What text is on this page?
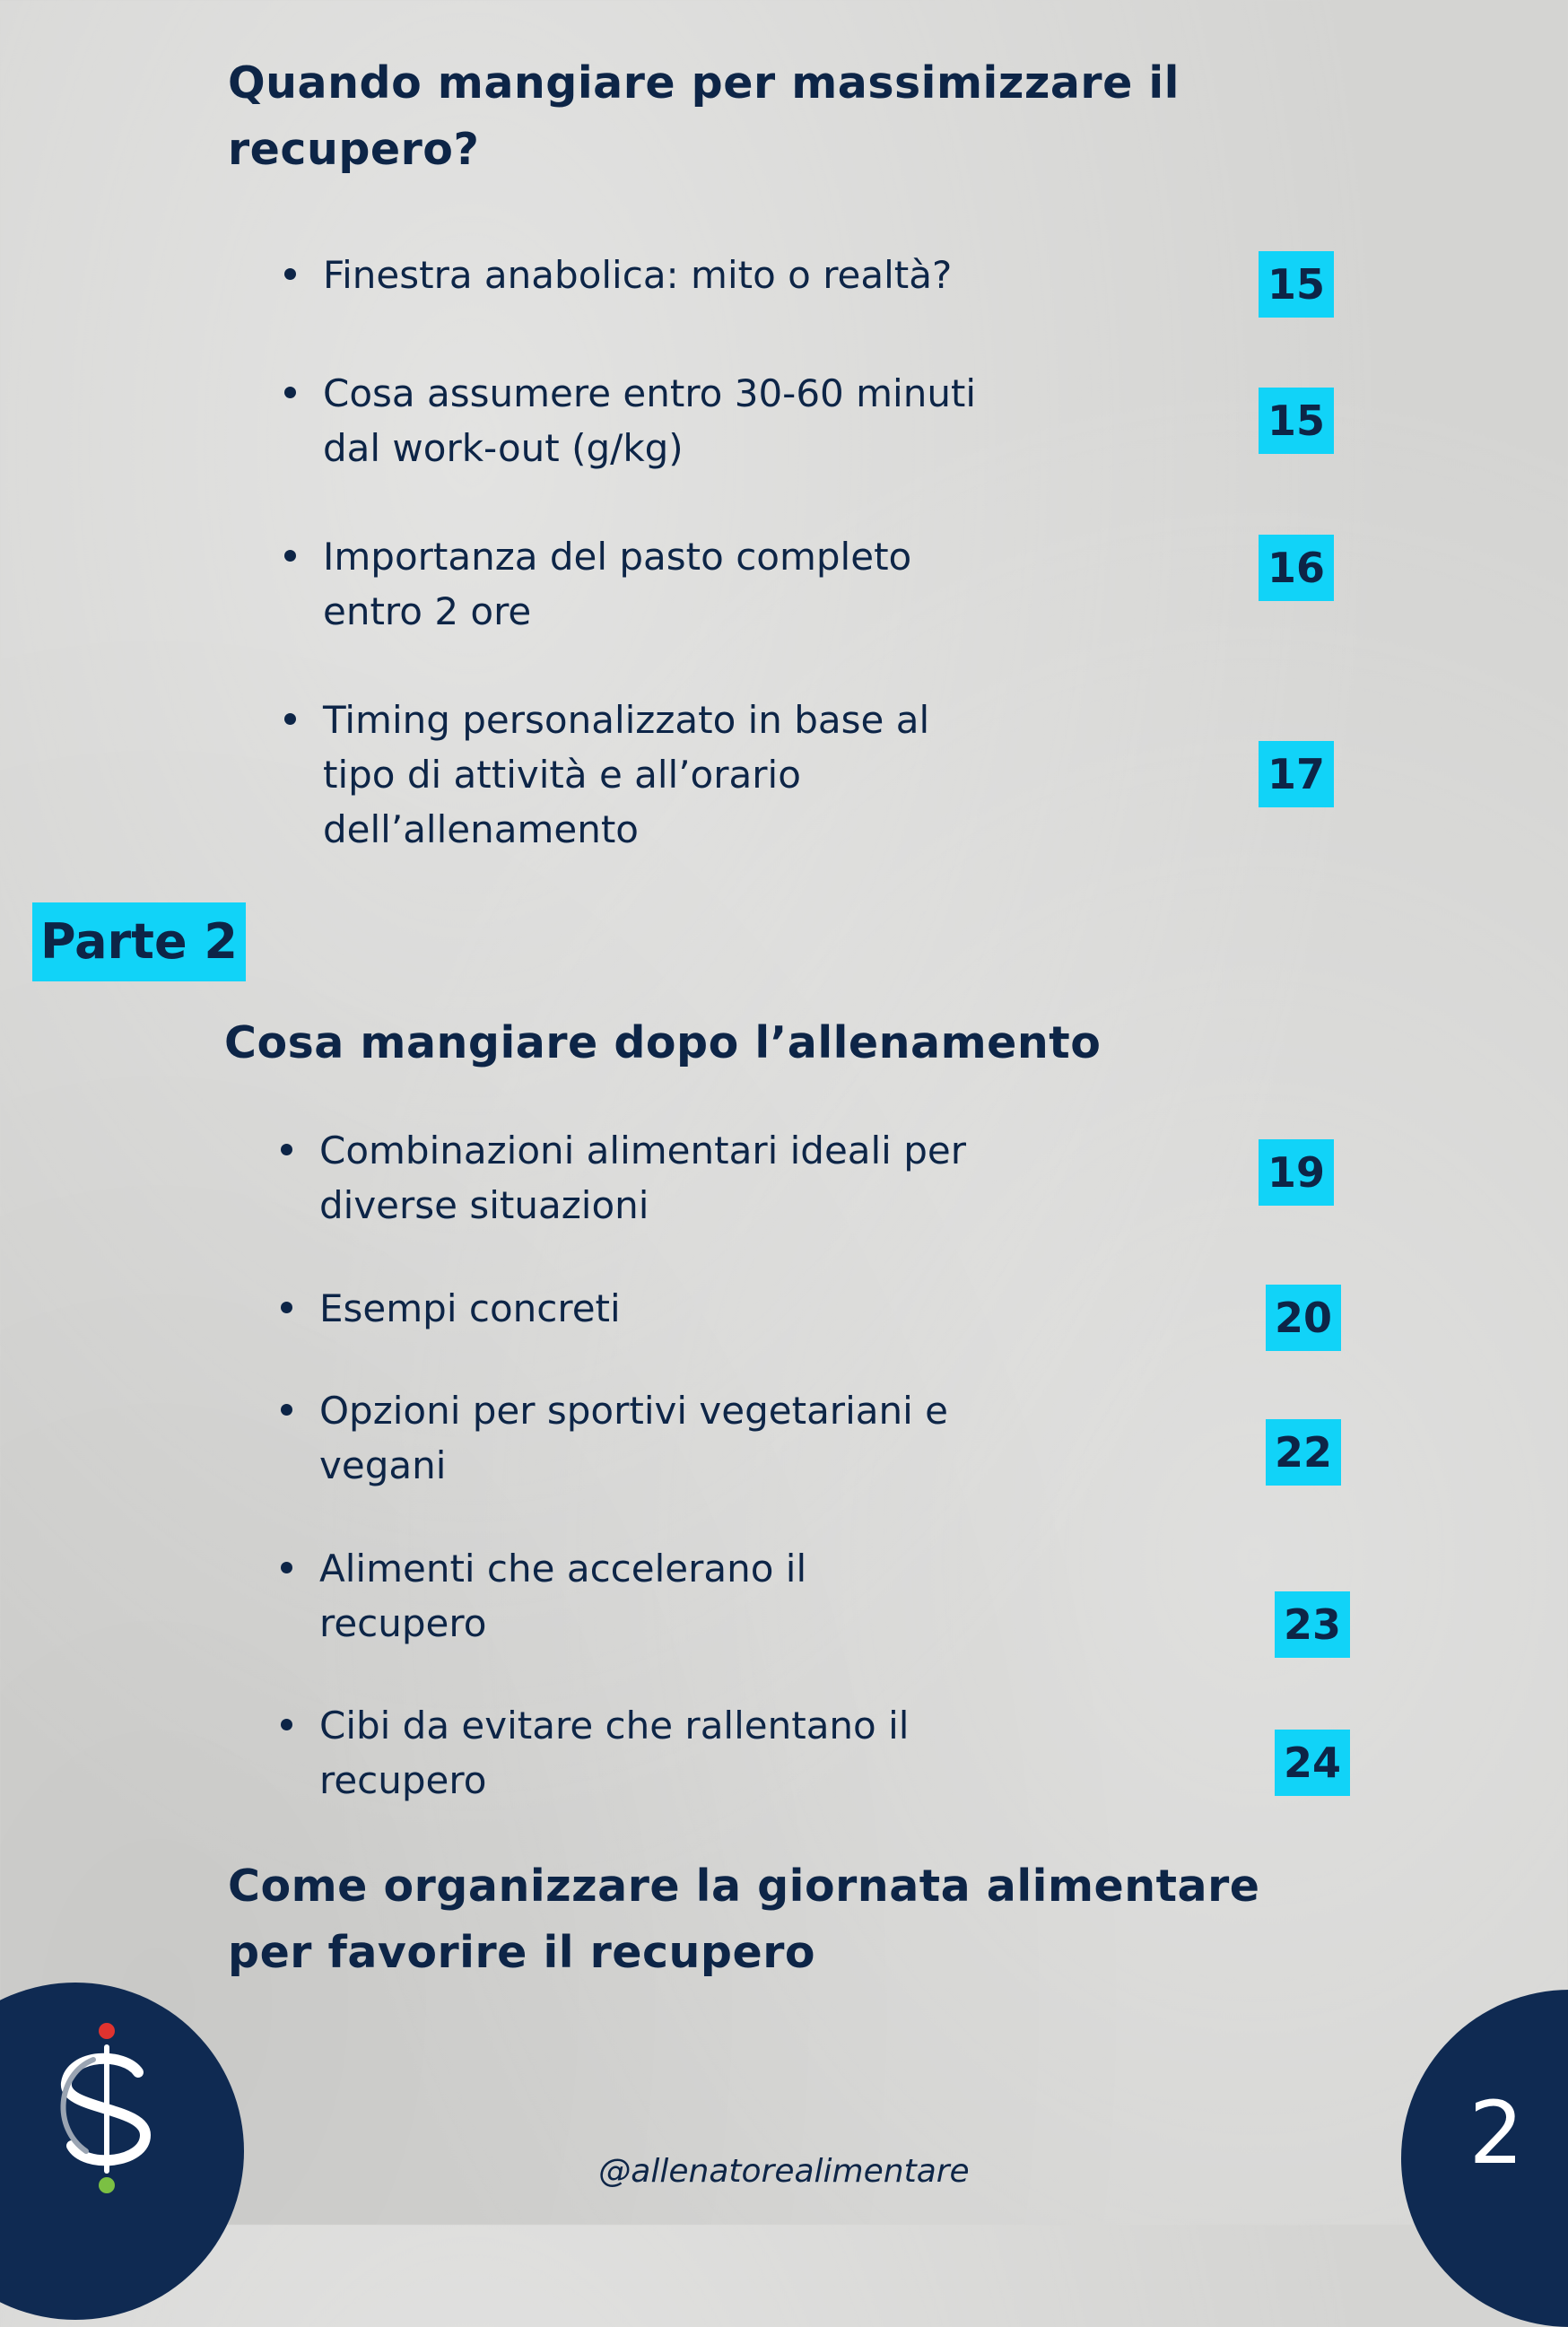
Quando mangiare per massimizzare il
recupero?
Finestra anabolica: mito o realtà?	15
Cosa assumere entro 30-60 minuti
dal work-out (g/kg)
15
Importanza del pasto completo
entro 2 ore
16
Timing personalizzato in base al
tipo di attività e all’orario
dell’allenamento
17
Parte 2
Cosa mangiare dopo l’allenamento
Combinazioni alimentari ideali per
diverse situazioni
19
Esempi concreti	20
Opzioni per sportivi vegetariani e
vegani	22
Alimenti che accelerano il
recupero	23
Cibi da evitare che rallentano il
recupero	24
Come organizzare la giornata alimentare
per favorire il recupero
@allenatorealimentare	2
